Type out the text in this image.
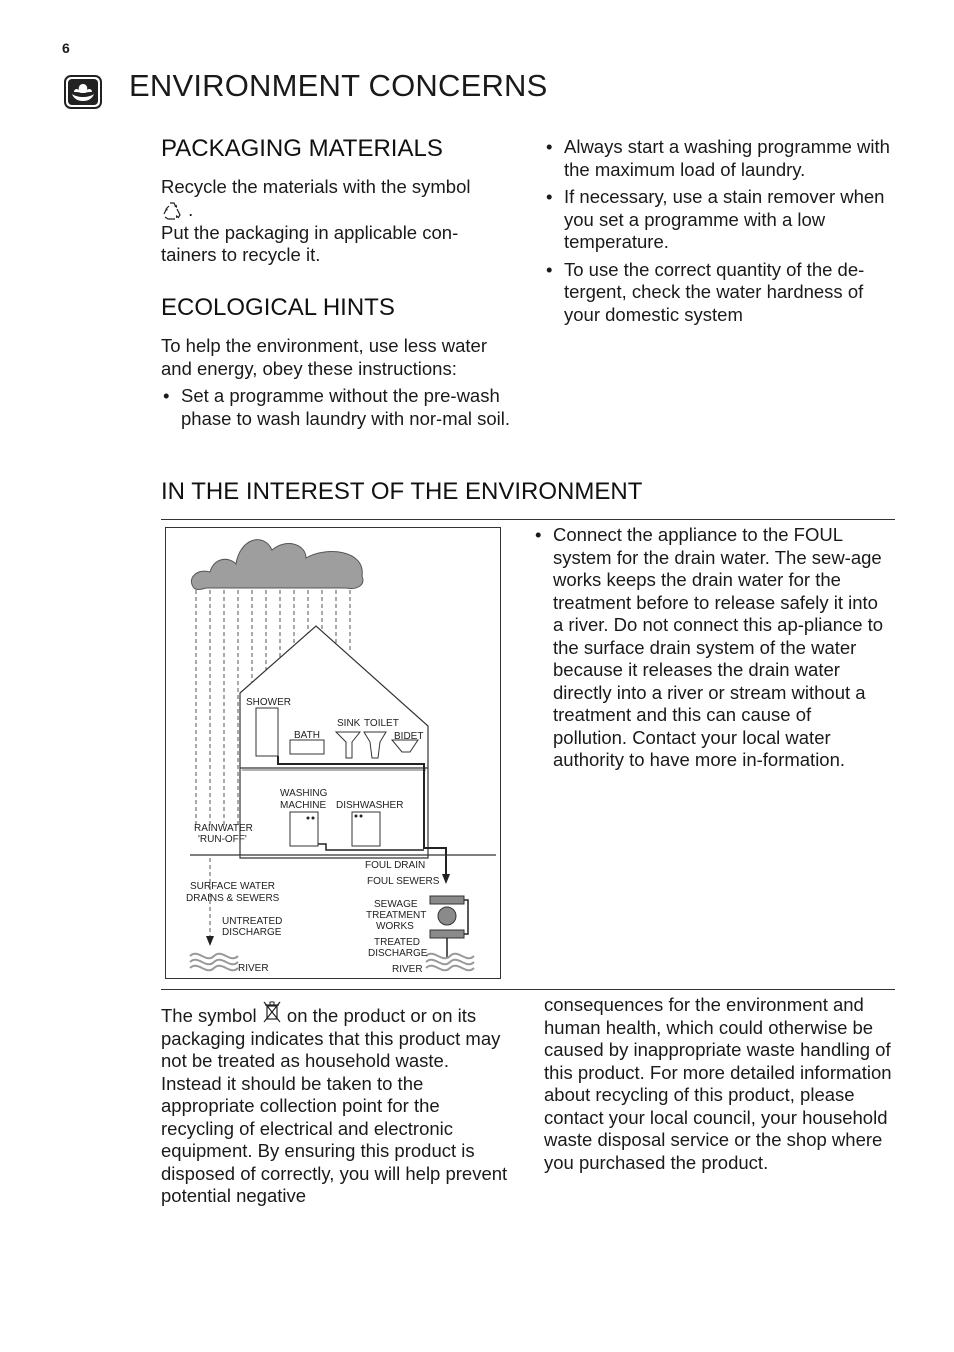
6
ENVIRONMENT CONCERNS
PACKAGING MATERIALS

Recycle the materials with the symbol
.

Put the packaging in applicable con-tainers to recycle it.

ECOLOGICAL HINTS

To help the environment, use less water and energy, obey these instructions:

• Set a programme without the pre-wash phase to wash laundry with nor-mal soil.
• Always start a washing programme with the maximum load of laundry.
• If necessary, use a stain remover when you set a programme with a low temperature.
• To use the correct quantity of the de-tergent, check the water hardness of your domestic system
IN THE INTEREST OF THE ENVIRONMENT
SHOWER
SINK TOILET
BATH	BIDET
WASHING
MACHINE DISHWASHER
RAINWATER
'RUN-OFF'
FOUL DRAIN
FOUL SEWERS
SURFACE WATER
DRAINS & SEWERS
SEWAGE
TREATMENT
WORKS
UNTREATED
DISCHARGE
TREATED
DISCHARGE
RIVER	RIVER
• Connect the appliance to the FOUL system for the drain water. The sew-age works keeps the drain water for the treatment before to release safely it into a river. Do not connect this ap-pliance to the surface drain system of the water because it releases the drain water directly into a river or stream without a treatment and this can cause of pollution. Contact your local water authority to have more in-formation.

The symbol  on the product or on its packaging indicates that this product may not be treated as household waste. Instead it should be taken to the appropriate collection point for the recycling of electrical and electronic equipment. By ensuring this product is disposed of correctly, you will help prevent potential negative

consequences for the environment and human health, which could otherwise be caused by inappropriate waste handling of this product. For more detailed information about recycling of this product, please contact your local council, your household waste disposal service or the shop where you purchased the product.
